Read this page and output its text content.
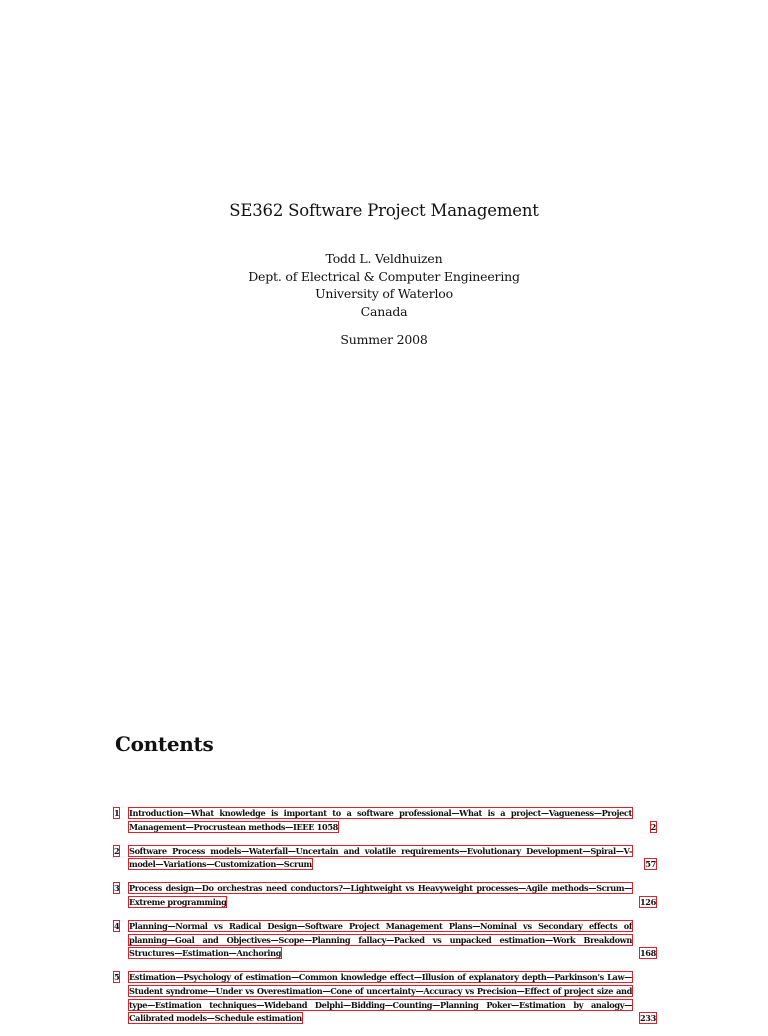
SE362 Software Project Management
Todd L. Veldhuizen
Dept. of Electrical & Computer Engineering
University of Waterloo
Canada
Summer 2008
Contents
1	Introduction—What knowledge is important to a software professional—What is a project—Vagueness—Project Management—Procrustean methods—IEEE 1058	2
2	Software Process models—Waterfall—Uncertain and volatile requirements—Evolutionary Development—Spiral—V-model—Variations—Customization—Scrum	57
3	Process design—Do orchestras need conductors?—Lightweight vs Heavyweight processes—Agile methods—Scrum—Extreme programming	126
4	Planning—Normal vs Radical Design—Software Project Management Plans—Nominal vs Secondary effects of planning—Goal and Objectives—Scope—Planning fallacy—Packed vs unpacked estimation—Work Breakdown Structures—Estimation—Anchoring	168
5	Estimation—Psychology of estimation—Common knowledge effect—Illusion of explanatory depth—Parkinson's Law—Student syndrome—Under vs Overestimation—Cone of uncertainty—Accuracy vs Precision—Effect of project size and type—Estimation techniques—Wideband Delphi—Bidding—Counting—Planning Poker—Estimation by analogy—Calibrated models—Schedule estimation	233
